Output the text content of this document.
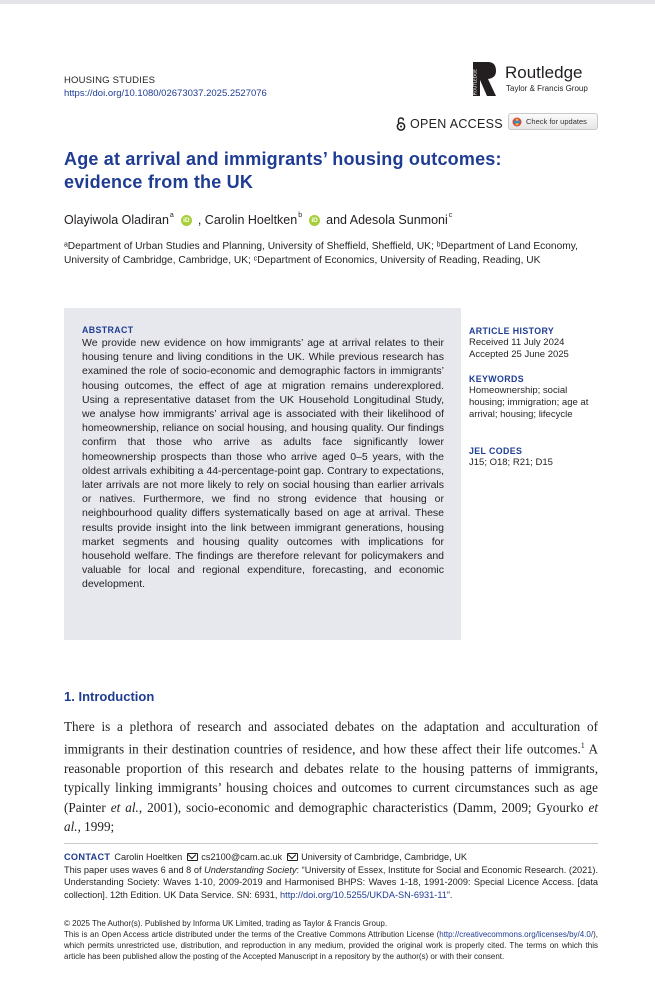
HOUSING STUDIES
https://doi.org/10.1080/02673037.2025.2527076	ROUTLEDGE Routledge
Taylor & Francis Group
OPEN ACCESS	Check for updates
Age at arrival and immigrants’ housing outcomes: evidence from the UK
Olayiwola Oladiran$^a$
iD ,
Carolin Hoeltken$^b$
iD and Adesola Sunmoni$^c$
ᵃDepartment of Urban Studies and Planning, University of Sheffield, Sheffield, UK; ᵇDepartment of Land Economy, University of Cambridge, Cambridge, UK; ᶜDepartment of Economics, University of Reading, Reading, UK
ABSTRACT
We provide new evidence on how immigrants’ age at arrival relates to their housing tenure and living conditions in the UK. While previous research has examined the role of socio-economic and demographic factors in immigrants’ housing outcomes, the effect of age at migration remains underexplored. Using a representative dataset from the UK Household Longitudinal Study, we analyse how immigrants’ arrival age is associated with their likelihood of homeownership, reliance on social housing, and housing quality. Our findings confirm that those who arrive as adults face significantly lower homeownership prospects than those who arrive aged 0–5 years, with the oldest arrivals exhibiting a 44-percentage-point gap. Contrary to expectations, later arrivals are not more likely to rely on social housing than earlier arrivals or natives. Furthermore, we find no strong evidence that housing or neighbourhood quality differs systematically based on age at arrival. These results provide insight into the link between immigrant generations, housing market segments and housing quality outcomes with implications for household welfare. The findings are therefore relevant for policymakers and valuable for local and regional expenditure, forecasting, and economic development.
ARTICLE HISTORY
Received 11 July 2024
Accepted 25 June 2025
KEYWORDS
Homeownership; social housing; immigration; age at arrival; housing; lifecycle
JEL CODES
J15; O18; R21; D15
1. Introduction

There is a plethora of research and associated debates on the adaptation and acculturation of immigrants in their destination countries of residence, and how these affect their life outcomes.$^1$ A reasonable proportion of this research and debates relate to the housing patterns of immigrants, typically linking immigrants’ housing choices and outcomes to current circumstances such as age (Painter et al., 2001), socio-economic and demographic characteristics (Damm, 2009; Gyourko et al., 1999;

CONTACT Carolin Hoeltken cs2100@cam.ac.uk University of Cambridge, Cambridge, UK
This paper uses waves 6 and 8 of Understanding Society: “University of Essex, Institute for Social and Economic Research. (2021). Understanding Society: Waves 1-10, 2009-2019 and Harmonised BHPS: Waves 1-18, 1991-2009: Special Licence Access. [data collection]. 12th Edition. UK Data Service. SN: 6931, http://doi.org/10.5255/UKDA-SN-6931-11”.
© 2025 The Author(s). Published by Informa UK Limited, trading as Taylor & Francis Group.
This is an Open Access article distributed under the terms of the Creative Commons Attribution License (http://creativecommons.org/licenses/by/4.0/), which permits unrestricted use, distribution, and reproduction in any medium, provided the original work is properly cited. The terms on which this article has been published allow the posting of the Accepted Manuscript in a repository by the author(s) or with their consent.
